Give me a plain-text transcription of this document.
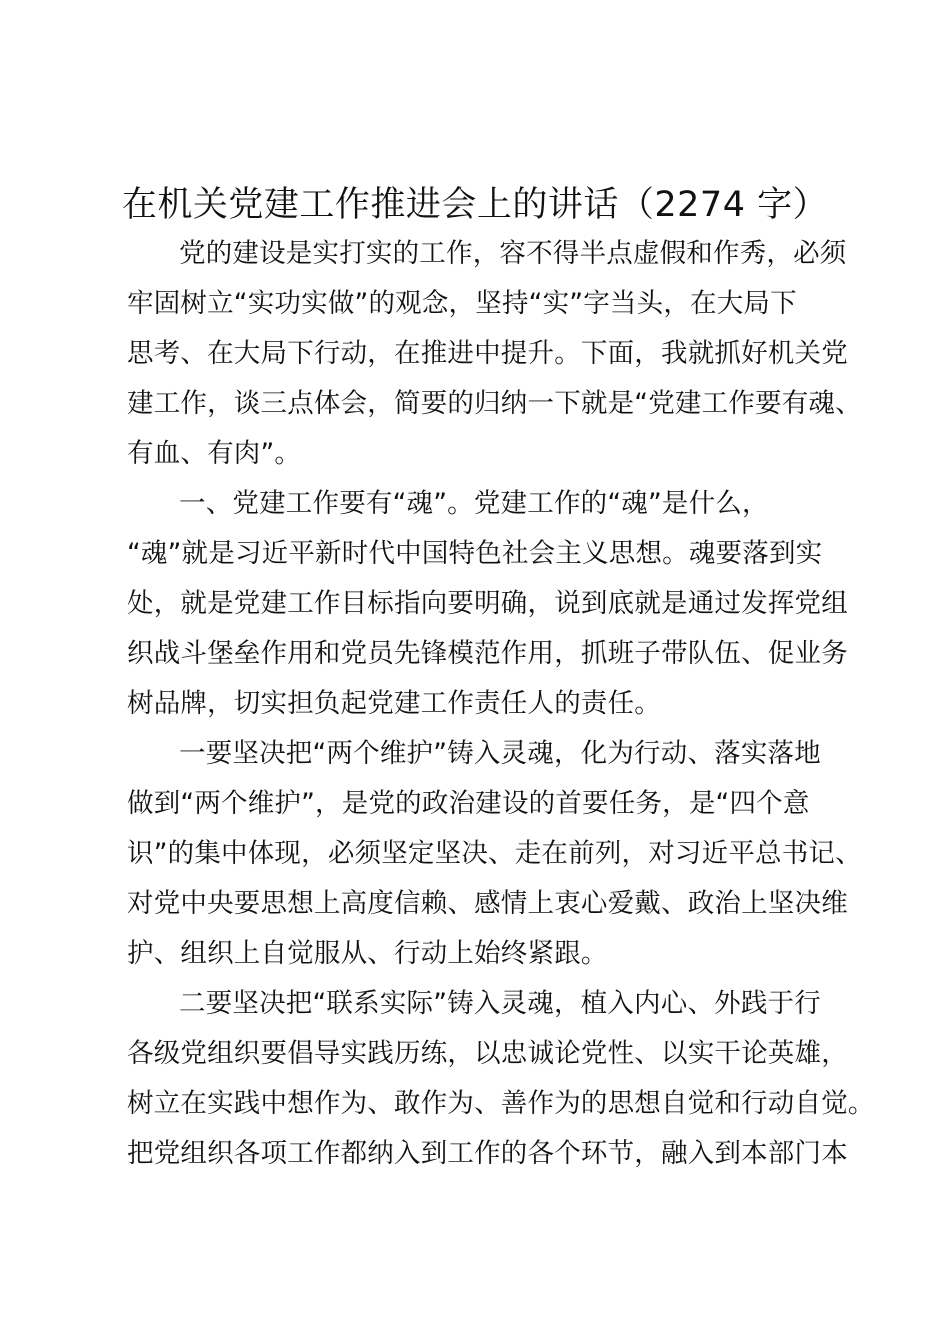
在机关党建工作推进会上的讲话（2274 字）
党的建设是实打实的工作，容不得半点虚假和作秀，必须
牢固树立“实功实做”的观念，坚持“实”字当头，在大局下
思考、在大局下行动，在推进中提升。下面，我就抓好机关党
建工作，谈三点体会，简要的归纳一下就是“党建工作要有魂、
有血、有肉”。
一、党建工作要有“魂”。党建工作的“魂”是什么，
“魂”就是习近平新时代中国特色社会主义思想。魂要落到实
处，就是党建工作目标指向要明确，说到底就是通过发挥党组
织战斗堡垒作用和党员先锋模范作用，抓班子带队伍、促业务
树品牌，切实担负起党建工作责任人的责任。
一要坚决把“两个维护”铸入灵魂，化为行动、落实落地
做到“两个维护”，是党的政治建设的首要任务，是“四个意
识”的集中体现，必须坚定坚决、走在前列，对习近平总书记、
对党中央要思想上高度信赖、感情上衷心爱戴、政治上坚决维
护、组织上自觉服从、行动上始终紧跟。
二要坚决把“联系实际”铸入灵魂，植入内心、外践于行
各级党组织要倡导实践历练，以忠诚论党性、以实干论英雄，
树立在实践中想作为、敢作为、善作为的思想自觉和行动自觉。
把党组织各项工作都纳入到工作的各个环节，融入到本部门本
